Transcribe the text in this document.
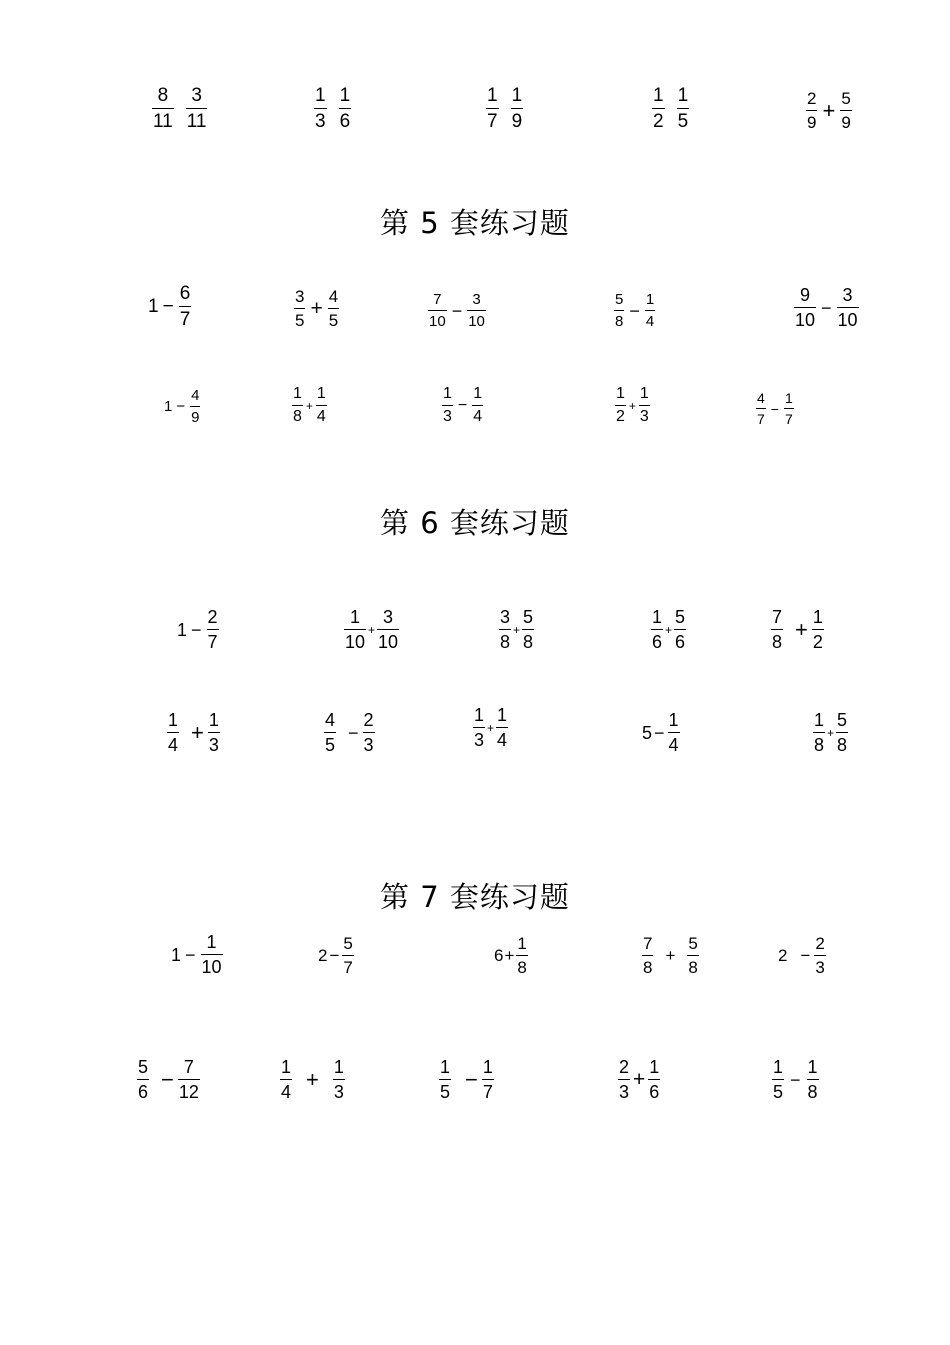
$\frac{8}{11} \frac{3}{11}$	$\frac{1}{3} \frac{1}{6}$	$\frac{1}{7} \frac{1}{9}$	$\frac{1}{2} \frac{1}{5}$	$\frac{2}{9} + \frac{5}{9}$
第 5 套练习题
$1 - \frac{6}{7}$	$\frac{3}{5} + \frac{4}{5}$	$\frac{7}{10} - \frac{3}{10}$	$\frac{5}{8} - \frac{1}{4}$	$\frac{9}{10} - \frac{3}{10}$
$1 - \frac{4}{9}$	$\frac{1}{8} + \frac{1}{4}$	$\frac{1}{3} - \frac{1}{4}$	$\frac{1}{2} + \frac{1}{3}$	$\frac{4}{7} - \frac{1}{7}$
第 6 套练习题
$1 - \frac{2}{7}$	$\frac{1}{10} + \frac{3}{10}$	$\frac{3}{8} + \frac{5}{8}$	$\frac{1}{6} + \frac{5}{6}$	$\frac{7}{8} + \frac{1}{2}$
$\frac{1}{4} + \frac{1}{3}$	$\frac{4}{5} - \frac{2}{3}$	$\frac{1}{3} + \frac{1}{4}$	$5 - \frac{1}{4}$	$\frac{1}{8} + \frac{5}{8}$
第 7 套练习题
$1 - \frac{1}{10}$	$2 - \frac{5}{7}$	$6 + \frac{1}{8}$	$\frac{7}{8} + \frac{5}{8}$	$2 - \frac{2}{3}$
$\frac{5}{6} - \frac{7}{12}$	$\frac{1}{4} + \frac{1}{3}$	$\frac{1}{5} - \frac{1}{7}$	$\frac{2}{3} + \frac{1}{6}$	$\frac{1}{5} - \frac{1}{8}$
